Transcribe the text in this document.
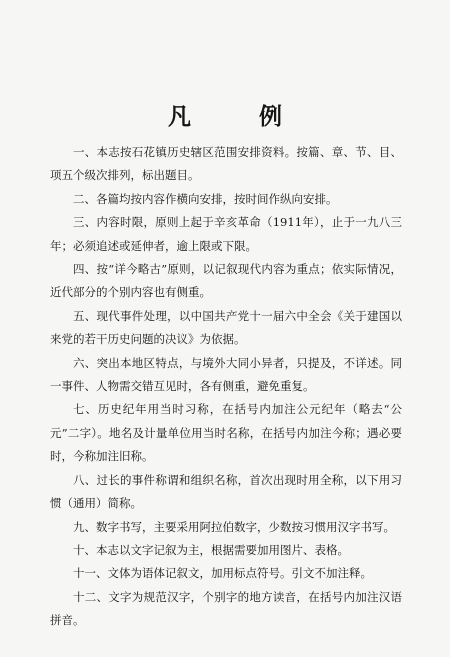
凡 例

一、本志按石花镇历史辖区范围安排资料。按篇、章、节、目、项五个级次排列，标出题目。

二、各篇均按内容作横向安排，按时间作纵向安排。

三、内容时限，原则上起于辛亥革命（1911年），止于一九八三年；必须追述或延伸者，逾上限或下限。

四、按“详今略古”原则，以记叙现代内容为重点；依实际情况，近代部分的个别内容也有侧重。

五、现代事件处理，以中国共产党十一届六中全会《关于建国以来党的若干历史问题的决议》为依据。

六、突出本地区特点，与境外大同小异者，只提及，不详述。同一事件、人物需交错互见时，各有侧重，避免重复。

七、历史纪年用当时习称，在括号内加注公元纪年（略去“公元”二字）。地名及计量单位用当时名称，在括号内加注今称；遇必要时，今称加注旧称。

八、过长的事件称谓和组织名称，首次出现时用全称，以下用习惯（通用）简称。

九、数字书写，主要采用阿拉伯数字，少数按习惯用汉字书写。

十、本志以文字记叙为主，根据需要加用图片、表格。

十一、文体为语体记叙文，加用标点符号。引文不加注释。

十二、文字为规范汉字，个别字的地方读音，在括号内加注汉语拼音。
